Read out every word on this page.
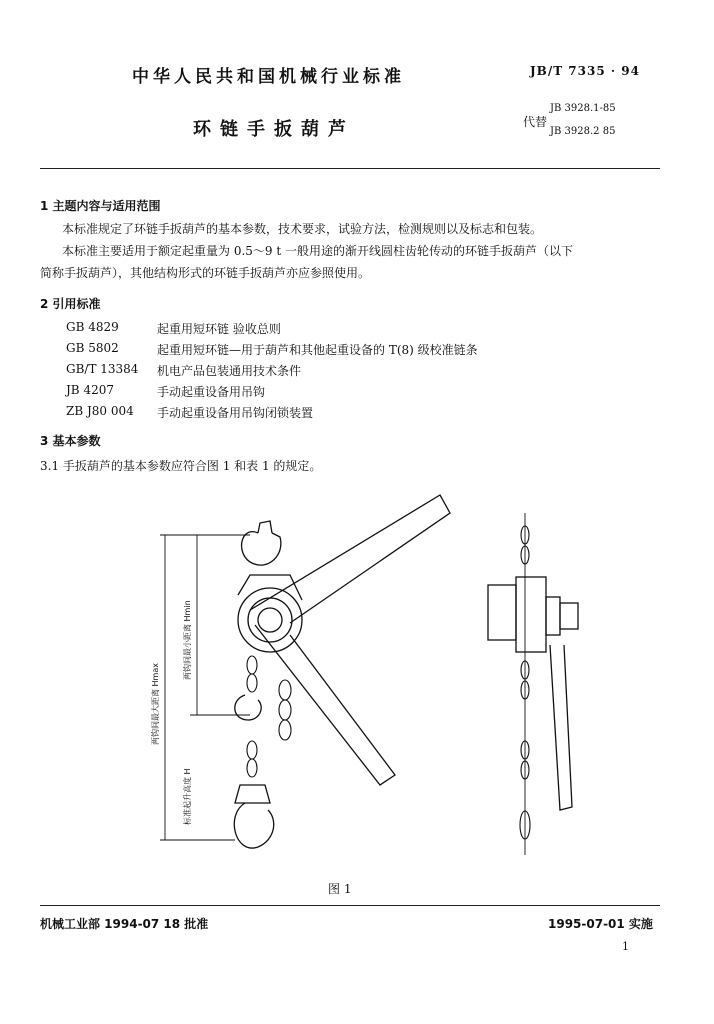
中华人民共和国机械行业标准	JB/T 7335 · 94
环链手扳葫芦	代替
JB 3928.1-85
JB 3928.2 85
1 主题内容与适用范围
本标准规定了环链手扳葫芦的基本参数，技术要求，试验方法，检测规则以及标志和包装。
本标准主要适用于额定起重量为 0.5～9 t 一般用途的渐开线圆柱齿轮传动的环链手扳葫芦（以下
简称手扳葫芦），其他结构形式的环链手扳葫芦亦应参照使用。
2 引用标准
GB 4829	起重用短环链 验收总则
GB 5802	起重用短环链—用于葫芦和其他起重设备的 T(8) 级校准链条
GB/T 13384 机电产品包装通用技术条件
JB 4207	手动起重设备用吊钩
ZB J80 004 手动起重设备用吊钩闭锁装置
3 基本参数
3.1 手扳葫芦的基本参数应符合图 1 和表 1 的规定。
两钩间最大距离 Hmax
标准起升高度 H
两钩间最小距离 Hmin
图 1
机械工业部 1994-07 18 批准	1995-07-01 实施
1
